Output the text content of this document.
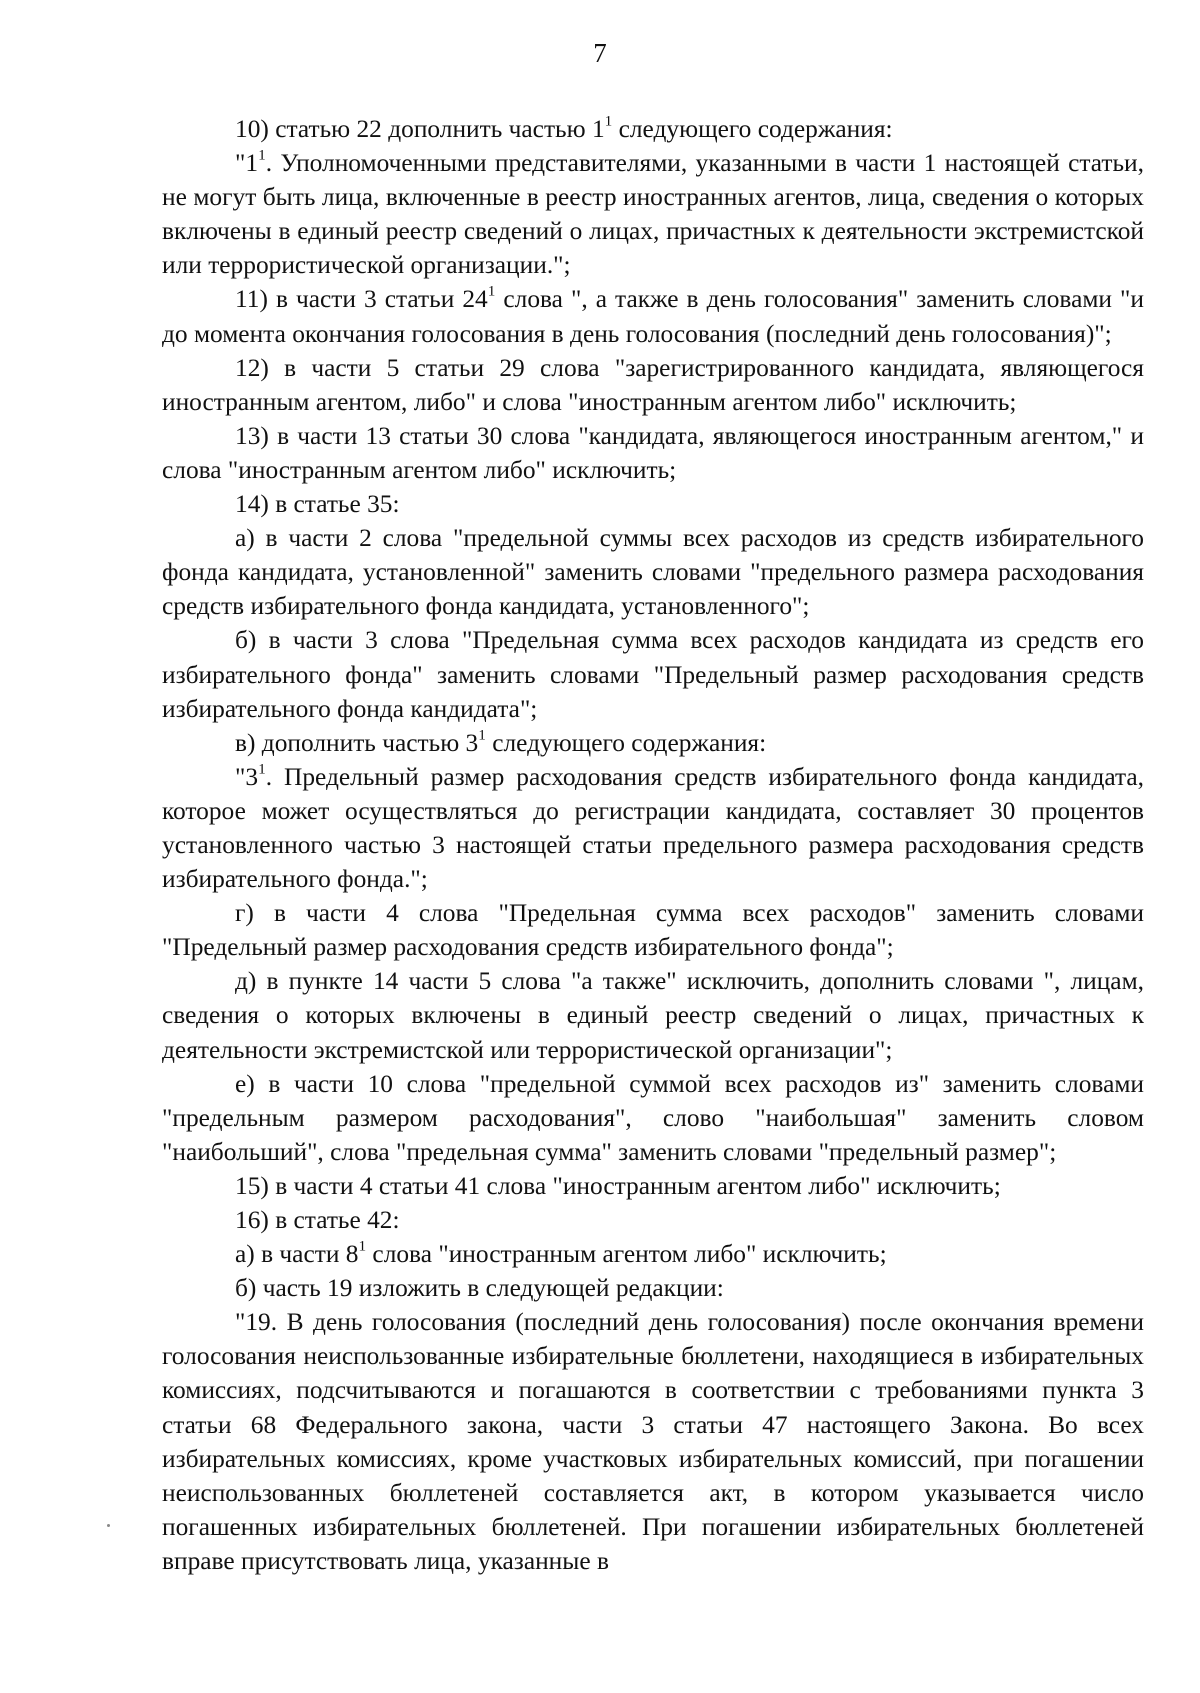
7

10) статью 22 дополнить частью $1^1$ следующего содержания:

"$1^1$. Уполномоченными представителями, указанными в части 1 настоящей статьи, не могут быть лица, включенные в реестр иностранных агентов, лица, сведения о которых включены в единый реестр сведений о лицах, причастных к деятельности экстремистской или террористической организации.";

11) в части 3 статьи $24^1$ слова ", а также в день голосования" заменить словами "и до момента окончания голосования в день голосования (последний день голосования)";

12) в части 5 статьи 29 слова "зарегистрированного кандидата, являющегося иностранным агентом, либо" и слова "иностранным агентом либо" исключить;

13) в части 13 статьи 30 слова "кандидата, являющегося иностранным агентом," и слова "иностранным агентом либо" исключить;

14) в статье 35:

а) в части 2 слова "предельной суммы всех расходов из средств избирательного фонда кандидата, установленной" заменить словами "предельного размера расходования средств избирательного фонда кандидата, установленного";

б) в части 3 слова "Предельная сумма всех расходов кандидата из средств его избирательного фонда" заменить словами "Предельный размер расходования средств избирательного фонда кандидата";

в) дополнить частью $3^1$ следующего содержания:

"$3^1$. Предельный размер расходования средств избирательного фонда кандидата, которое может осуществляться до регистрации кандидата, составляет 30 процентов установленного частью 3 настоящей статьи предельного размера расходования средств избирательного фонда.";

г) в части 4 слова "Предельная сумма всех расходов" заменить словами "Предельный размер расходования средств избирательного фонда";

д) в пункте 14 части 5 слова "а также" исключить, дополнить словами ", лицам, сведения о которых включены в единый реестр сведений о лицах, причастных к деятельности экстремистской или террористической организации";

е) в части 10 слова "предельной суммой всех расходов из" заменить словами "предельным размером расходования", слово "наибольшая" заменить словом "наибольший", слова "предельная сумма" заменить словами "предельный размер";

15) в части 4 статьи 41 слова "иностранным агентом либо" исключить;

16) в статье 42:

а) в части $8^1$ слова "иностранным агентом либо" исключить;

б) часть 19 изложить в следующей редакции:

"19. В день голосования (последний день голосования) после окончания времени голосования неиспользованные избирательные бюллетени, находящиеся в избирательных комиссиях, подсчитываются и погашаются в соответствии с требованиями пункта 3 статьи 68 Федерального закона, части 3 статьи 47 настоящего Закона. Во всех избирательных комиссиях, кроме участковых избирательных комиссий, при погашении неиспользованных бюллетеней составляется акт, в котором указывается число погашенных избирательных бюллетеней. При погашении избирательных бюллетеней вправе присутствовать лица, указанные в
